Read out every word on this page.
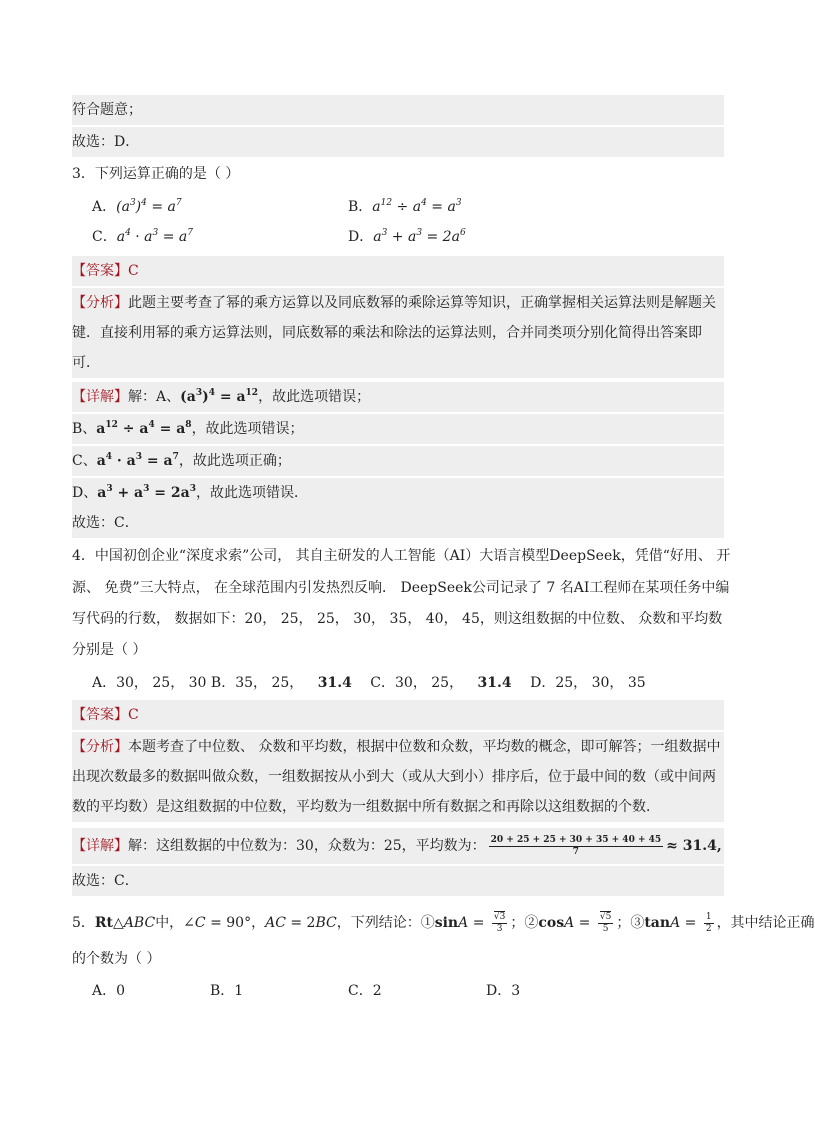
符合题意；
故选：D．
3．下列运算正确的是（ ）
A．$(a^3)^4 = a^7$	B．$a^{12} \div a^4 = a^3$
C．$a^4 \cdot a^3 = a^7$	D．$a^3 + a^3 = 2a^6$
【答案】C
【分析】此题主要考查了幂的乘方运算以及同底数幂的乘除运算等知识，正确掌握相关运算法则是解题关
键．直接利用幂的乘方运算法则，同底数幂的乘法和除法的运算法则，合并同类项分别化简得出答案即
可．
【详解】解：A、$(a^3)^4 = a^{12}$，故此选项错误；
B、$a^{12} \div a^4 = a^8$，故此选项错误；
C、$a^4 \cdot a^3 = a^7$，故此选项正确；
D、$a^3 + a^3 = 2a^3$，故此选项错误．
故选：C．
4．中国初创企业“深度求索”公司， 其自主研发的人工智能（AI）大语言模型DeepSeek，凭借“好用、 开
源、 免费”三大特点， 在全球范围内引发热烈反响． DeepSeek公司记录了 7 名AI工程师在某项任务中编
写代码的行数， 数据如下：20， 25， 25， 30， 35， 40， 45，则这组数据的中位数、 众数和平均数
分别是（ ）
A．30， 25， 30 B．35， 25， 31.4 C．30， 25， 31.4 D．25， 30， 35
【答案】C
【分析】本题考查了中位数、 众数和平均数，根据中位数和众数，平均数的概念，即可解答；一组数据中
出现次数最多的数据叫做众数，一组数据按从小到大（或从大到小）排序后，位于最中间的数（或中间两
数的平均数）是这组数据的中位数，平均数为一组数据中所有数据之和再除以这组数据的个数．
【详解】解：这组数据的中位数为：30，众数为：25，平均数为： $\frac{20 + 25 + 25 + 30 + 35 + 40 + 45}{7} \approx 31.4$,
故选：C．
5．Rt△ABC中，∠C = 90°，AC = 2BC，下列结论：①sinA = $\frac{√3}{3}$ ；②cosA = $\frac{√5}{5}$ ；③tanA = $\frac{1}{2}$ ，其中结论正确
的个数为（ ）
A．0	B．1	C．2	D．3
